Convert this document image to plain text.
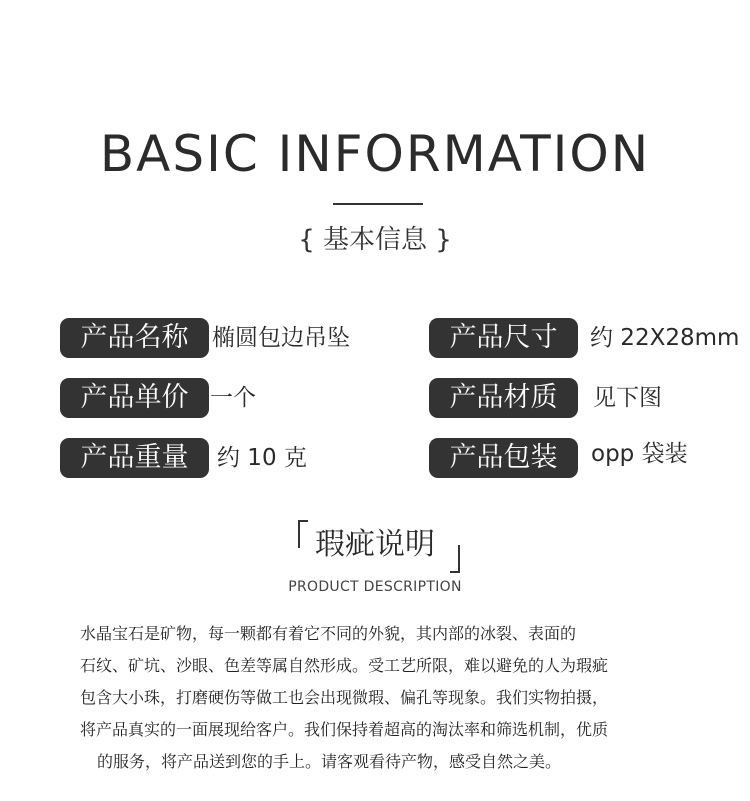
BASIC INFORMATION
{ 基本信息 }
产品名称	椭圆包边吊坠	产品尺寸	约 22X28mm
产品单价 一个	产品材质	见下图
产品重量	约 10 克	产品包装	opp 袋装
瑕疵说明
PRODUCT DESCRIPTION
水晶宝石是矿物，每一颗都有着它不同的外貌，其内部的冰裂、表面的
石纹、矿坑、沙眼、色差等属自然形成。受工艺所限，难以避免的人为瑕疵
包含大小珠，打磨硬伤等做工也会出现微瑕、偏孔等现象。我们实物拍摄，
将产品真实的一面展现给客户。我们保持着超高的淘汰率和筛选机制，优质
的服务，将产品送到您的手上。请客观看待产物，感受自然之美。
